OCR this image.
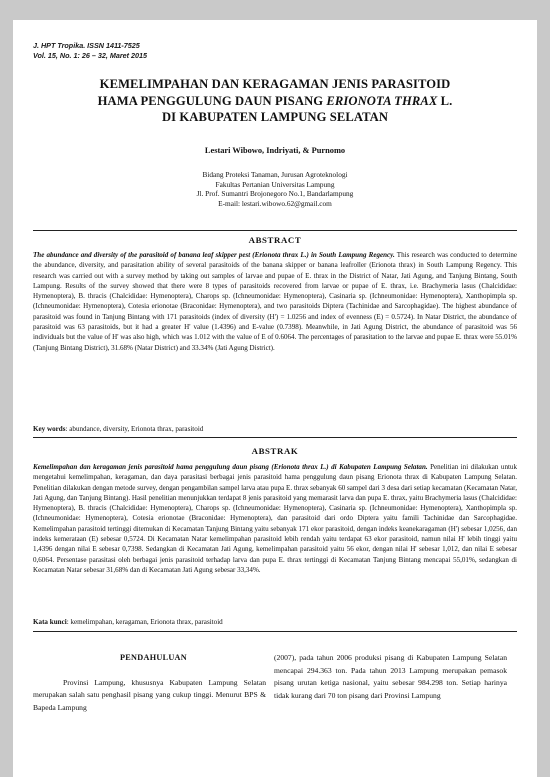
J. HPT Tropika. ISSN 1411-7525
Vol. 15, No. 1: 26 – 32, Maret 2015
KEMELIMPAHAN DAN KERAGAMAN JENIS PARASITOID
HAMA PENGGULUNG DAUN PISANG ERIONOTA THRAX L.
DI KABUPATEN LAMPUNG SELATAN
Lestari Wibowo, Indriyati, & Purnomo
Bidang Proteksi Tanaman, Jurusan Agroteknologi
Fakultas Pertanian Universitas Lampung
Jl. Prof. Sumantri Brojonegoro No.1, Bandarlampung
E-mail: lestari.wibowo.62@gmail.com
ABSTRACT
The abundance and diversity of the parasitoid of banana leaf skipper pest (Erionota thrax L.) in South Lampung Regency. This research was conducted to determine the abundance, diversity, and parasitation ability of several parasitoids of the banana skipper or banana leafroller (Erionota thrax) in South Lampung Regency. This research was carried out with a survey method by taking out samples of larvae and pupae of E. thrax in the District of Natar, Jati Agung, and Tanjung Bintang, South Lampung. Results of the survey showed that there were 8 types of parasitoids recovered from larvae or pupae of E. thrax, i.e. Brachymeria lasus (Chalcididae: Hymenoptera), B. thracis (Chalcididae: Hymenoptera), Charops sp. (Ichneumonidae: Hymenoptera), Casinaria sp. (Ichneumonidae: Hymenoptera), Xanthopimpla sp. (Ichneumonidae: Hymenoptera), Cotesia erionotae (Braconidae: Hymenoptera), and two parasitoids Diptera (Tachinidae and Sarcophagidae). The highest abundance of parasitoid was found in Tanjung Bintang with 171 parasitoids (index of diversity (H') = 1.0256 and index of evenness (E) = 0.5724). In Natar District, the abundance of parasitoid was 63 parasitoids, but it had a greater H' value (1.4396) and E-value (0.7398). Meanwhile, in Jati Agung District, the abundance of parasitoid was 56 individuals but the value of H' was also high, which was 1.012 with the value of E of 0.6064. The percentages of parasitation to the larvae and pupae E. thrax were 55.01% (Tanjung Bintang District), 31.68% (Natar District) and 33.34% (Jati Agung District).
Key words: abundance, diversity, Erionota thrax, parasitoid
ABSTRAK
Kemelimpahan dan keragaman jenis parasitoid hama penggulung daun pisang (Erionota thrax L.) di Kabupaten Lampung Selatan. Penelitian ini dilakukan untuk mengetahui kemelimpahan, keragaman, dan daya parasitasi berbagai jenis parasitoid hama penggulung daun pisang Erionota thrax di Kabupaten Lampung Selatan. Penelitian dilakukan dengan metode survey, dengan pengambilan sampel larva atau pupa E. thrax sebanyak 60 sampel dari 3 desa dari setiap kecamatan (Kecamatan Natar, Jati Agung, dan Tanjung Bintang). Hasil penelitian menunjukkan terdapat 8 jenis parasitoid yang memarasit larva dan pupa E. thrax, yaitu Brachymeria lasus (Chalcididae: Hymenoptera), B. thracis (Chalcididae: Hymenoptera), Charops sp. (Ichneumonidae: Hymenoptera), Casinaria sp. (Ichneumonidae: Hymenoptera), Xanthopimpla sp. (Ichneumonidae: Hymenoptera), Cotesia erionotae (Braconidae: Hymenoptera), dan parasitoid dari ordo Diptera yaitu famili Tachinidae dan Sarcophagidae. Kemelimpahan parasitoid tertinggi ditemukan di Kecamatan Tanjung Bintang yaitu sebanyak 171 ekor parasitoid, dengan indeks keanekaragaman (H') sebesar 1,0256, dan indeks kemerataan (E) sebesar 0,5724. Di Kecamatan Natar kemelimpahan parasitoid lebih rendah yaitu terdapat 63 ekor parasitoid, namun nilai H' lebih tinggi yaitu 1,4396 dengan nilai E sebesar 0,7398. Sedangkan di Kecamatan Jati Agung, kemelimpahan parasitoid yaitu 56 ekor, dengan nilai H' sebesar 1,012, dan nilai E sebesar 0,6064. Persentase parasitasi oleh berbagai jenis parasitoid terhadap larva dan pupa E. thrax tertinggi di Kecamatan Tanjung Bintang mencapai 55,01%, sedangkan di Kecamatan Natar sebesar 31,68% dan di Kecamatan Jati Agung sebesar 33,34%.
Kata kunci: kemelimpahan, keragaman, Erionota thrax, parasitoid
PENDAHULUAN
Provinsi Lampung, khususnya Kabupaten Lampung Selatan merupakan salah satu penghasil pisang yang cukup tinggi. Menurut BPS & Bapeda Lampung
(2007), pada tahun 2006 produksi pisang di Kabupaten Lampung Selatan mencapai 294.363 ton. Pada tahun 2013 Lampung merupakan pemasok pisang urutan ketiga nasional, yaitu sebesar 984.298 ton. Setiap harinya tidak kurang dari 70 ton pisang dari Provinsi Lampung
